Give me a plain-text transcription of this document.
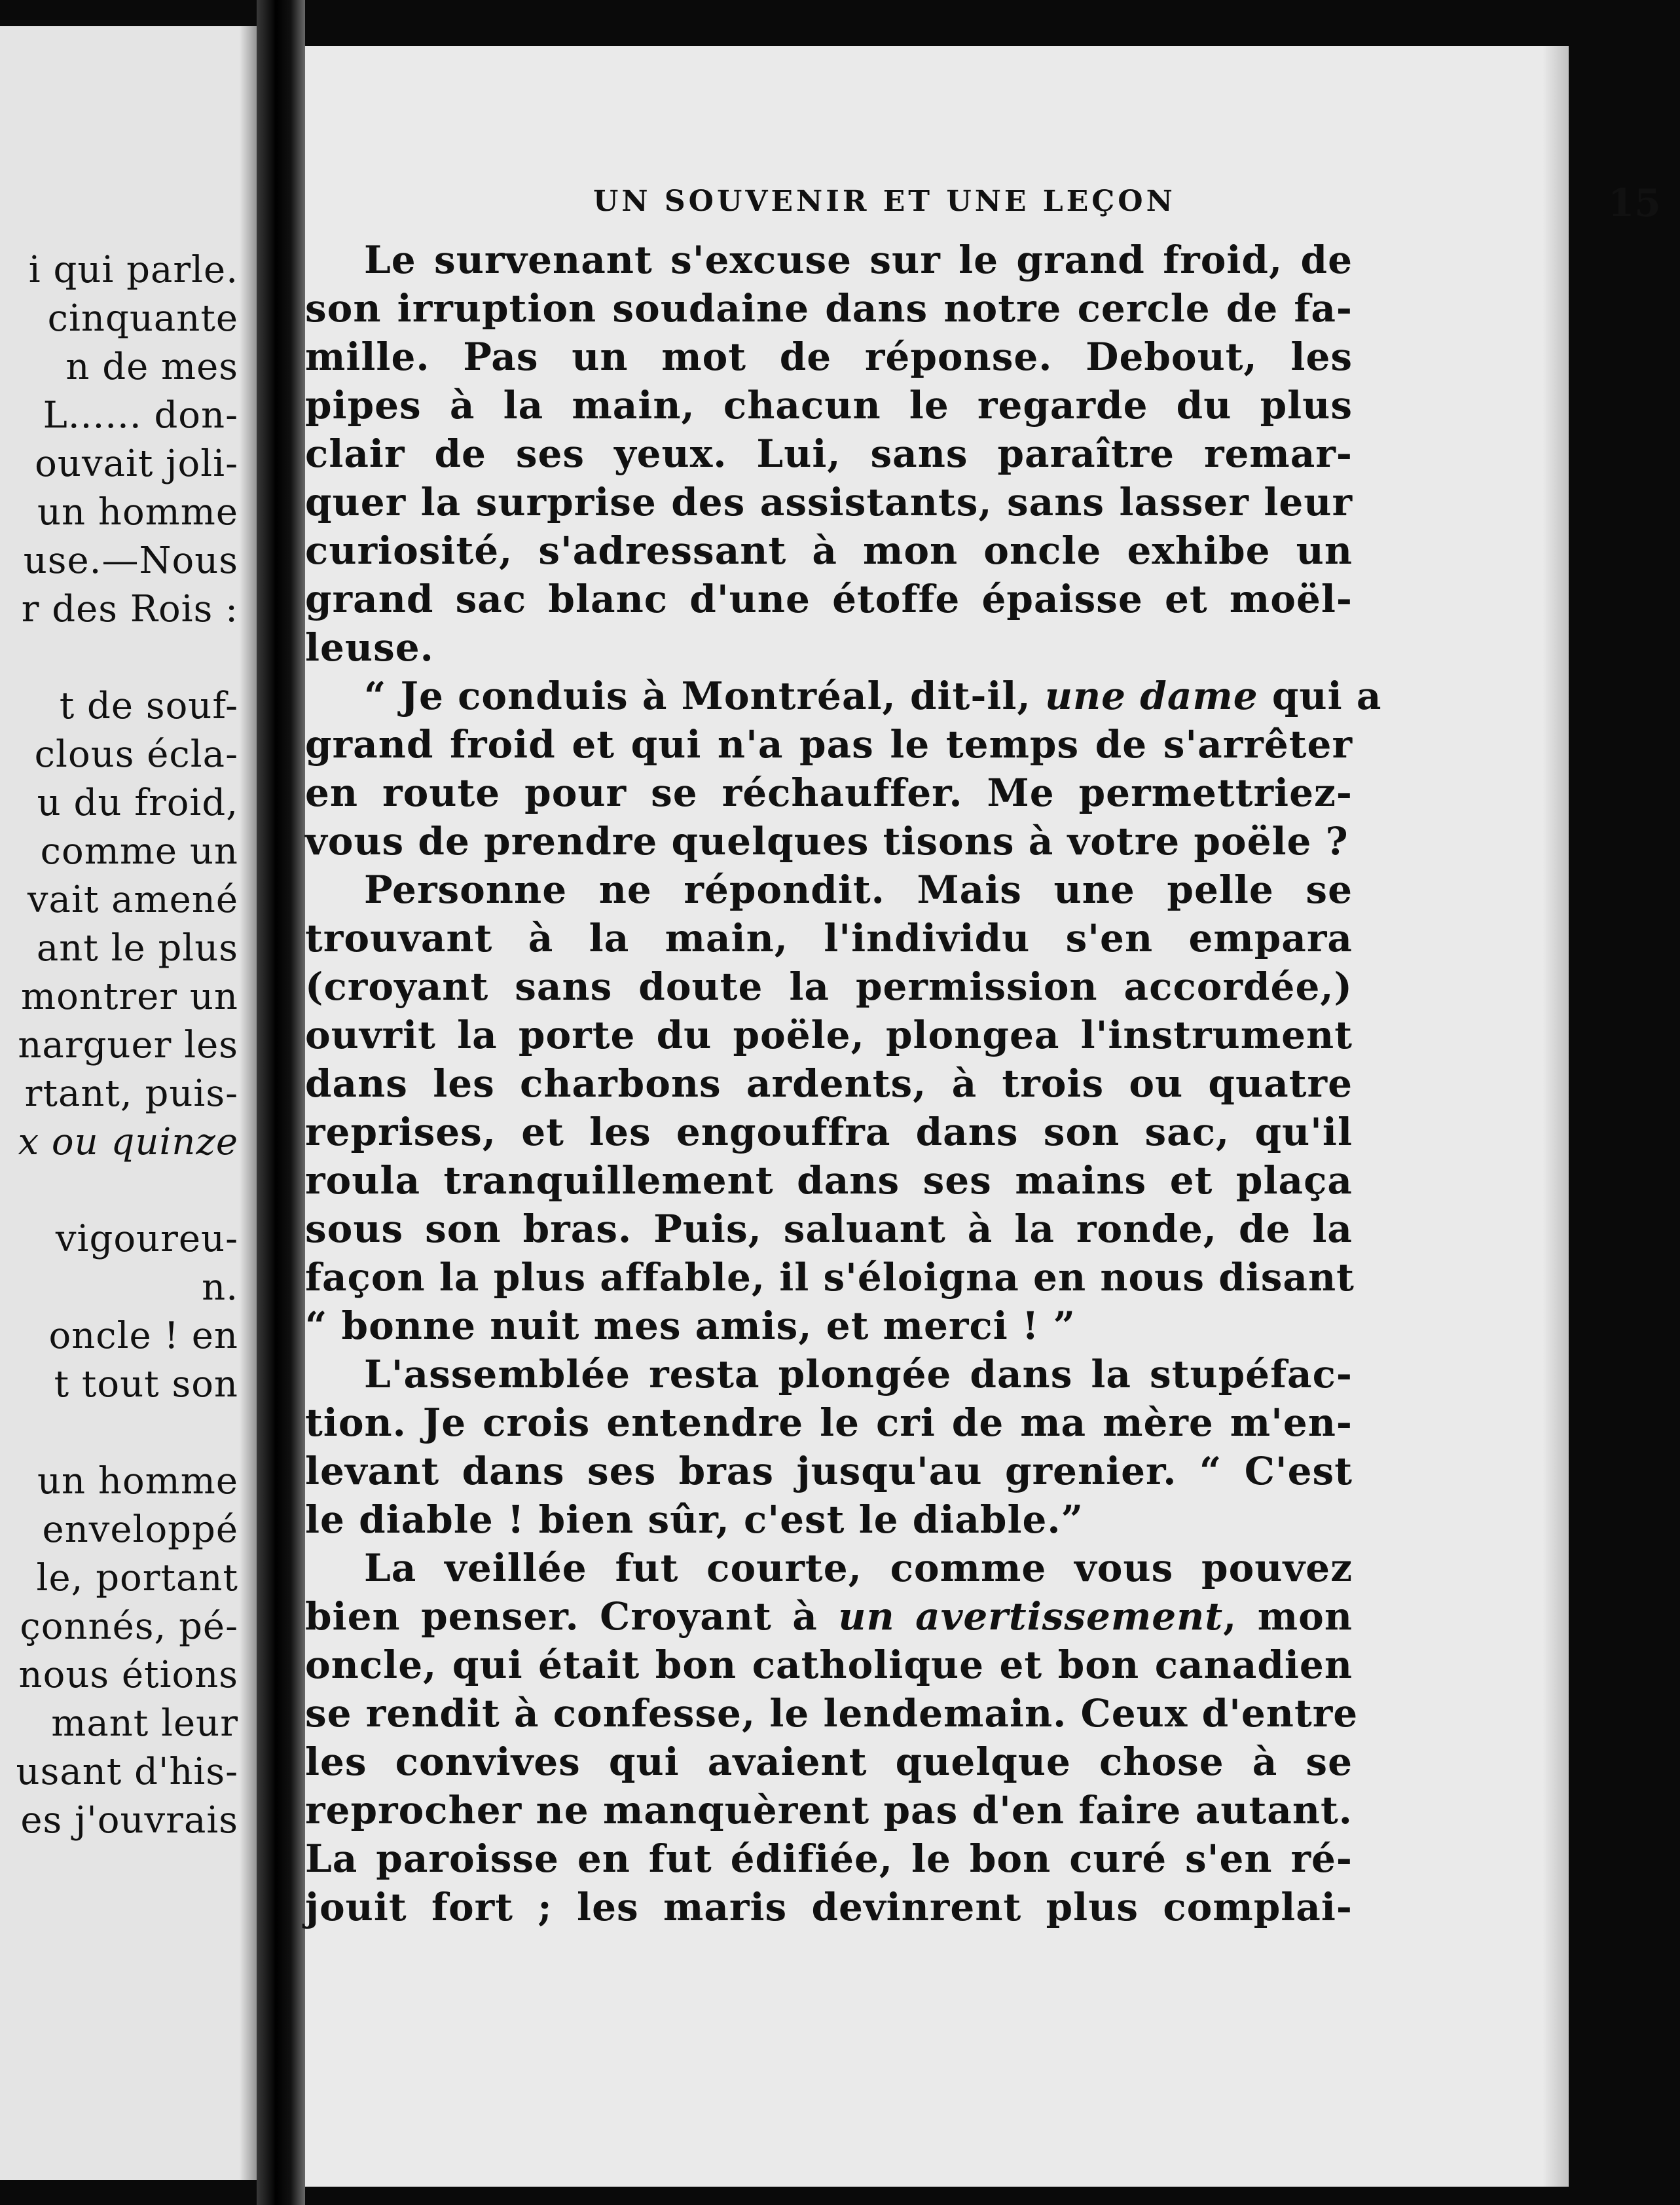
i qui parle.
cinquante
n de mes
L...... don-
ouvait joli-
un homme
use.—Nous
r des Rois :
t de souf-
clous écla-
u du froid,
comme un
vait amené
ant le plus
montrer un
narguer les
rtant, puis-
x ou quinze
vigoureu-
n.
oncle ! en
t tout son
un homme
enveloppé
le, portant
çonnés, pé-
nous étions
mant leur
usant d'his-
es j'ouvrais
UN SOUVENIR ET UNE LEÇON	15
Le survenant s'excuse sur le grand froid, de
son irruption soudaine dans notre cercle de fa-
mille. Pas un mot de réponse. Debout, les
pipes à la main, chacun le regarde du plus
clair de ses yeux. Lui, sans paraître remar-
quer la surprise des assistants, sans lasser leur
curiosité, s'adressant à mon oncle exhibe un
grand sac blanc d'une étoffe épaisse et moël-
leuse.
“ Je conduis à Montréal, dit-il, une dame qui a
grand froid et qui n'a pas le temps de s'arrêter
en route pour se réchauffer. Me permettriez-
vous de prendre quelques tisons à votre poële ?
Personne ne répondit. Mais une pelle se
trouvant à la main, l'individu s'en empara
(croyant sans doute la permission accordée,)
ouvrit la porte du poële, plongea l'instrument
dans les charbons ardents, à trois ou quatre
reprises, et les engouffra dans son sac, qu'il
roula tranquillement dans ses mains et plaça
sous son bras. Puis, saluant à la ronde, de la
façon la plus affable, il s'éloigna en nous disant
“ bonne nuit mes amis, et merci ! ”
L'assemblée resta plongée dans la stupéfac-
tion. Je crois entendre le cri de ma mère m'en-
levant dans ses bras jusqu'au grenier. “ C'est
le diable ! bien sûr, c'est le diable.”
La veillée fut courte, comme vous pouvez
bien penser. Croyant à un avertissement, mon
oncle, qui était bon catholique et bon canadien
se rendit à confesse, le lendemain. Ceux d'entre
les convives qui avaient quelque chose à se
reprocher ne manquèrent pas d'en faire autant.
La paroisse en fut édifiée, le bon curé s'en ré-
jouit fort ; les maris devinrent plus complai-
